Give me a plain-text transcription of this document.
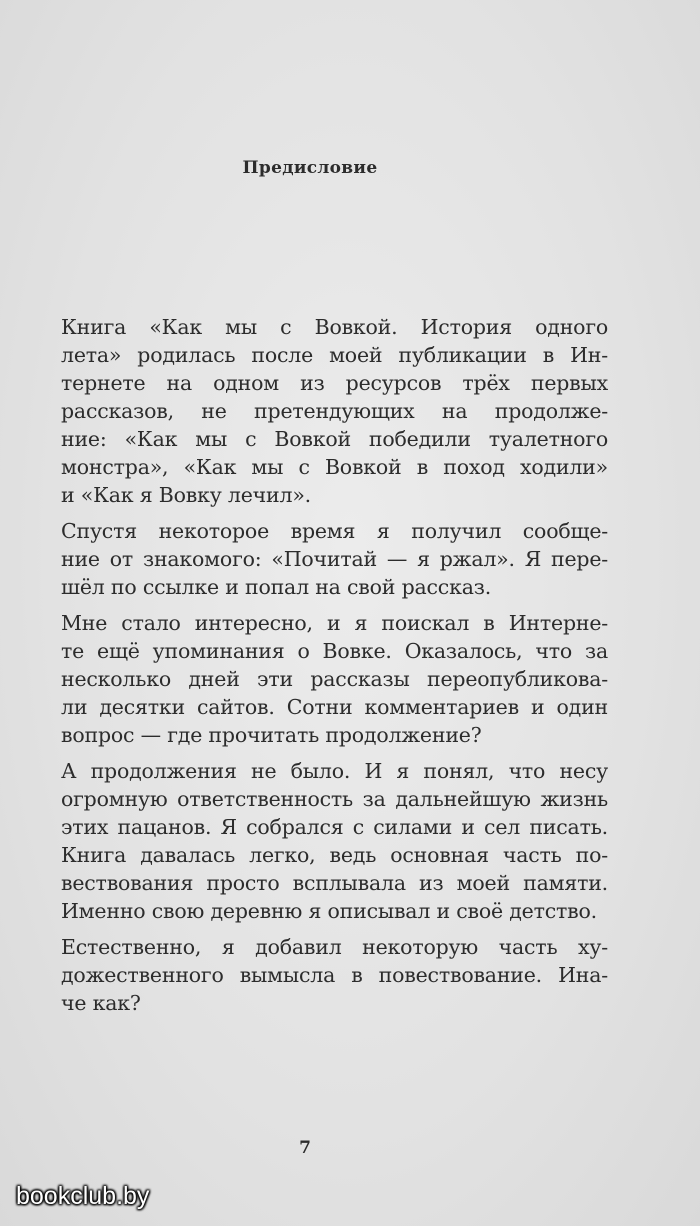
Предисловие
Книга «Как мы с Вовкой. История одного
лета» родилась после моей публикации в Ин-
тернете на одном из ресурсов трёх первых
рассказов, не претендующих на продолже-
ние: «Как мы с Вовкой победили туалетного
монстра», «Как мы с Вовкой в поход ходили»
и «Как я Вовку лечил».
Спустя некоторое время я получил сообще-
ние от знакомого: «Почитай — я ржал». Я пере-
шёл по ссылке и попал на свой рассказ.
Мне стало интересно, и я поискал в Интерне-
те ещё упоминания о Вовке. Оказалось, что за
несколько дней эти рассказы переопубликова-
ли десятки сайтов. Сотни комментариев и один
вопрос — где прочитать продолжение?
А продолжения не было. И я понял, что несу
огромную ответственность за дальнейшую жизнь
этих пацанов. Я собрался с силами и сел писать.
Книга давалась легко, ведь основная часть по-
вествования просто всплывала из моей памяти.
Именно свою деревню я описывал и своё детство.
Естественно, я добавил некоторую часть ху-
дожественного вымысла в повествование. Ина-
че как?
7
bookclub.by
